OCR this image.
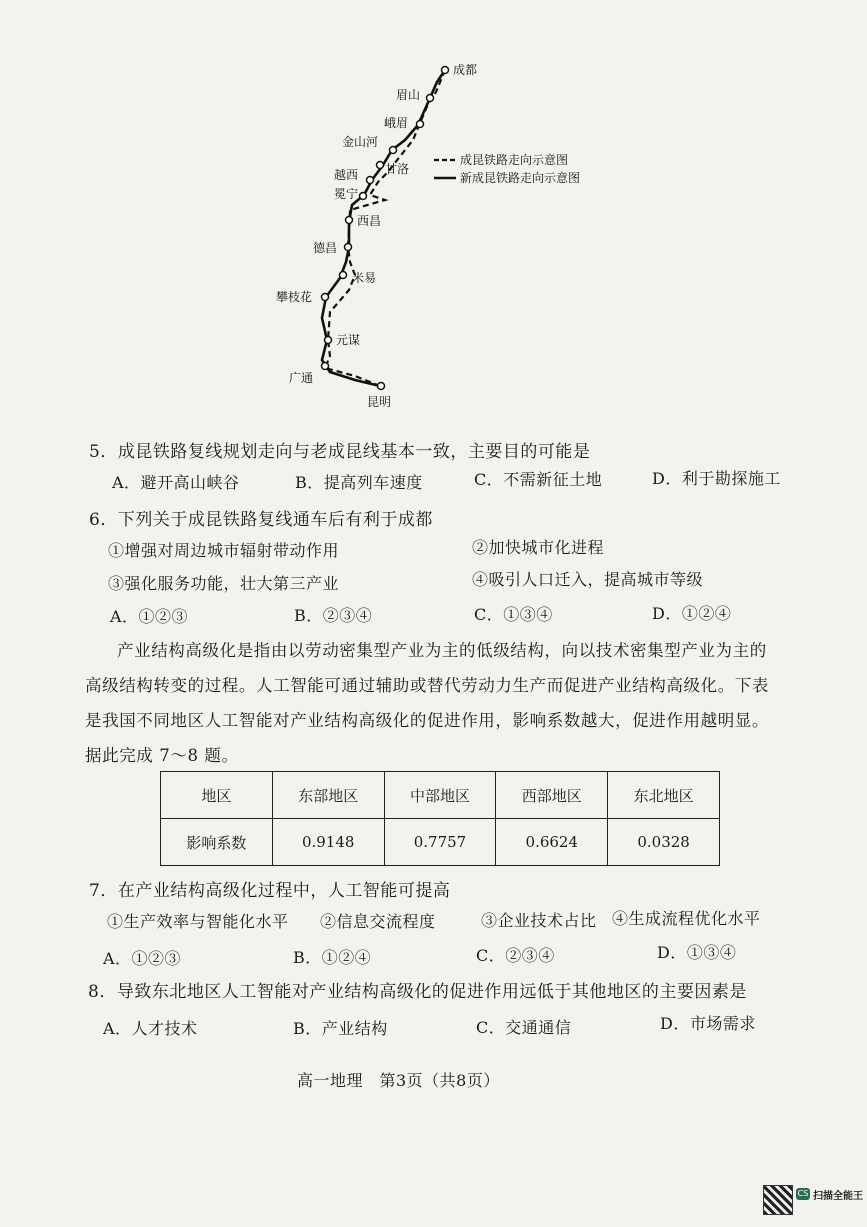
成都
眉山
峨眉
金山河
甘洛
越西
冕宁
西昌
德昌
米易
攀枝花
元谋
广通
昆明
成昆铁路走向示意图
新成昆铁路走向示意图
5．成昆铁路复线规划走向与老成昆线基本一致，主要目的可能是
A．避开高山峡谷	B．提高列车速度	C．不需新征土地	D．利于勘探施工
6．下列关于成昆铁路复线通车后有利于成都
①增强对周边城市辐射带动作用	②加快城市化进程
③强化服务功能，壮大第三产业	④吸引人口迁入，提高城市等级
A．①②③	B．②③④	C．①③④	D．①②④
产业结构高级化是指由以劳动密集型产业为主的低级结构，向以技术密集型产业为主的
高级结构转变的过程。人工智能可通过辅助或替代劳动力生产而促进产业结构高级化。下表
是我国不同地区人工智能对产业结构高级化的促进作用，影响系数越大，促进作用越明显。
据此完成 7～8 题。
地区	东部地区	中部地区	西部地区	东北地区
影响系数	0.9148	0.7757	0.6624	0.0328
7．在产业结构高级化过程中，人工智能可提高
①生产效率与智能化水平 ②信息交流程度	③企业技术占比 ④生成流程优化水平
A．①②③	B．①②④	C．②③④	D．①③④
8．导致东北地区人工智能对产业结构高级化的促进作用远低于其他地区的主要因素是
A．人才技术	B．产业结构	C．交通通信	D．市场需求
高一地理　第3页（共8页）
CS 扫描全能王
